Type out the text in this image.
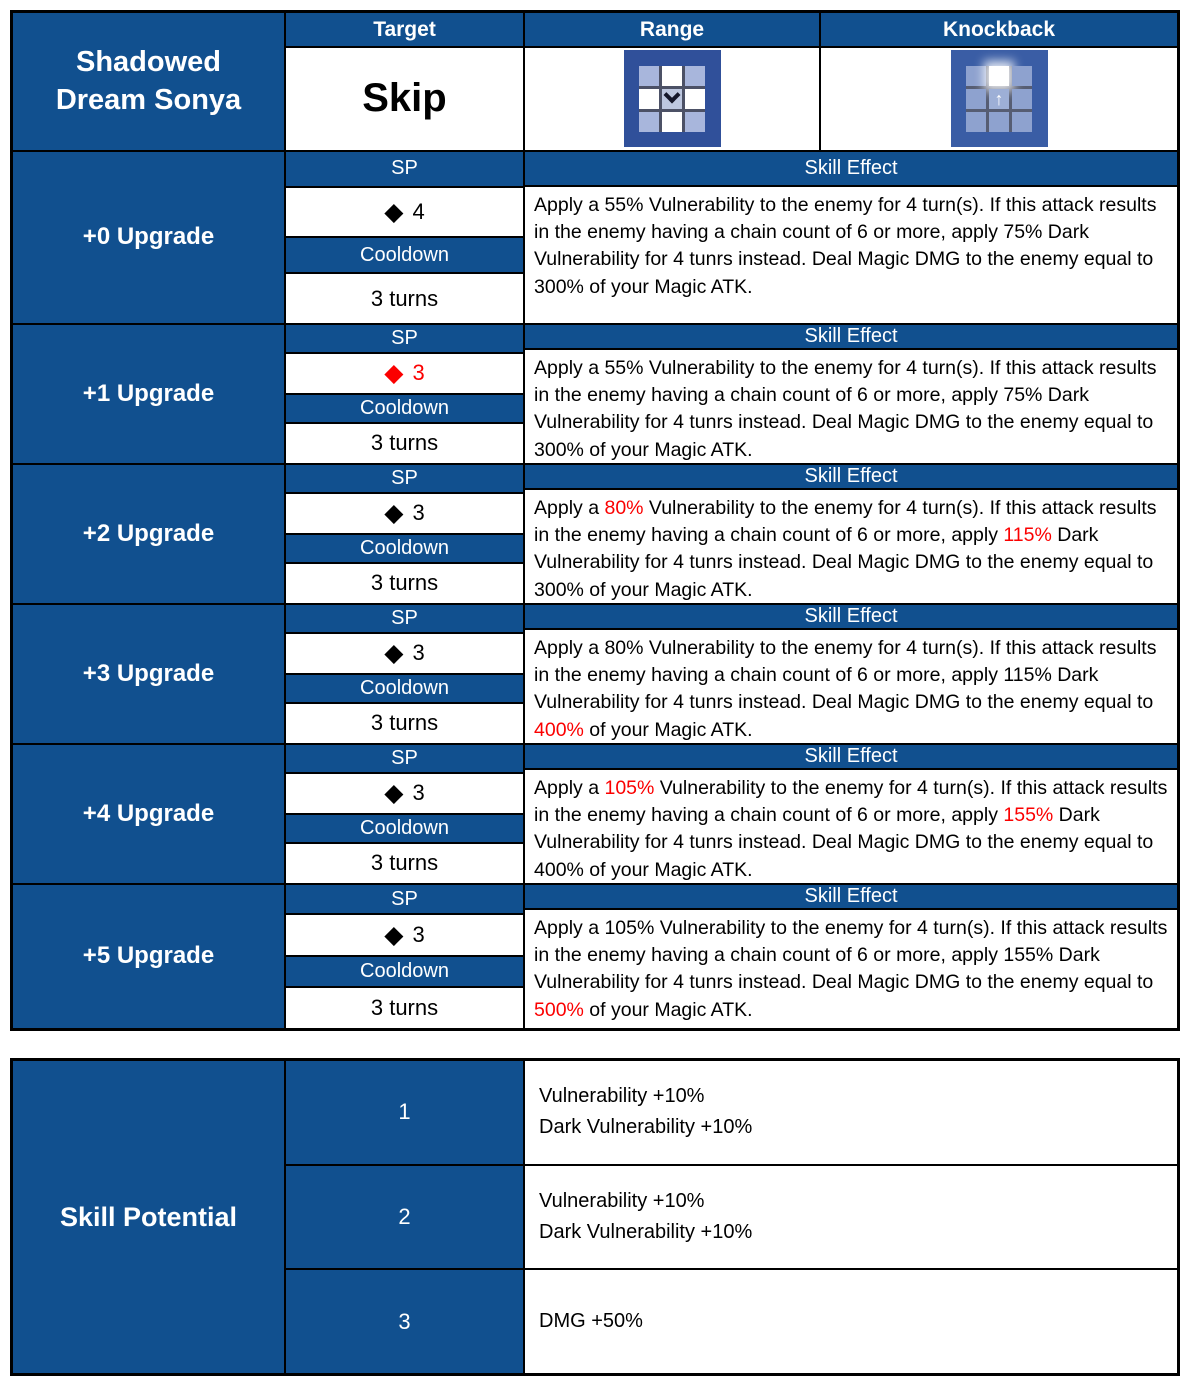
Shadowed
Dream Sonya
Target
Skip
Range	Knockback
↑
+0 Upgrade
SP
◆ 4
Cooldown
3 turns
Skill Effect
Apply a 55% Vulnerability to the enemy for 4 turn(s). If this attack results in the enemy having a chain count of 6 or more, apply 75% Dark Vulnerability for 4 tunrs instead. Deal Magic DMG to the enemy equal to 300% of your Magic ATK.
+1 Upgrade
SP
◆ 3
Cooldown
3 turns
Skill Effect
Apply a 55% Vulnerability to the enemy for 4 turn(s). If this attack results in the enemy having a chain count of 6 or more, apply 75% Dark Vulnerability for 4 tunrs instead. Deal Magic DMG to the enemy equal to 300% of your Magic ATK.
+2 Upgrade
SP
◆ 3
Cooldown
3 turns
Skill Effect
Apply a 80% Vulnerability to the enemy for 4 turn(s). If this attack results in the enemy having a chain count of 6 or more, apply 115% Dark Vulnerability for 4 tunrs instead. Deal Magic DMG to the enemy equal to 300% of your Magic ATK.
+3 Upgrade
SP
◆ 3
Cooldown
3 turns
Skill Effect
Apply a 80% Vulnerability to the enemy for 4 turn(s). If this attack results in the enemy having a chain count of 6 or more, apply 115% Dark Vulnerability for 4 tunrs instead. Deal Magic DMG to the enemy equal to 400% of your Magic ATK.
+4 Upgrade
SP
◆ 3
Cooldown
3 turns
Skill Effect
Apply a 105% Vulnerability to the enemy for 4 turn(s). If this attack results in the enemy having a chain count of 6 or more, apply 155% Dark Vulnerability for 4 tunrs instead. Deal Magic DMG to the enemy equal to 400% of your Magic ATK.
+5 Upgrade
SP
◆ 3
Cooldown
3 turns
Skill Effect
Apply a 105% Vulnerability to the enemy for 4 turn(s). If this attack results in the enemy having a chain count of 6 or more, apply 155% Dark Vulnerability for 4 tunrs instead. Deal Magic DMG to the enemy equal to 500% of your Magic ATK.
Skill Potential
1
Vulnerability +10%
Dark Vulnerability +10%
2
Vulnerability +10%
Dark Vulnerability +10%
3	DMG +50%
